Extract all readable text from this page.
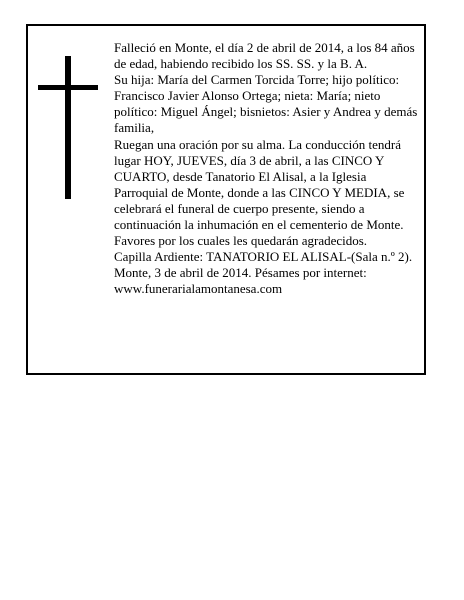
Falleció en Monte, el día 2 de abril de 2014, a los 84 años de edad, habiendo recibido los SS. SS. y la B. A.

Su hija: María del Carmen Torcida Torre; hijo político: Francisco Javier Alonso Ortega; nieta: María; nieto político: Miguel Ángel; bisnietos: Asier y Andrea y demás familia,

Ruegan una oración por su alma. La conducción tendrá lugar HOY, JUEVES, día 3 de abril, a las CINCO Y CUARTO, desde Tanatorio El Alisal, a la Iglesia Parroquial de Monte, donde a las CINCO Y MEDIA, se celebrará el funeral de cuerpo presente, siendo a continuación la inhumación en el cementerio de Monte. Favores por los cuales les quedarán agradecidos.

Capilla Ardiente: TANATORIO EL ALISAL-(Sala n.º 2).

Monte, 3 de abril de 2014. Pésames por internet: www.funerarialamontanesa.com
